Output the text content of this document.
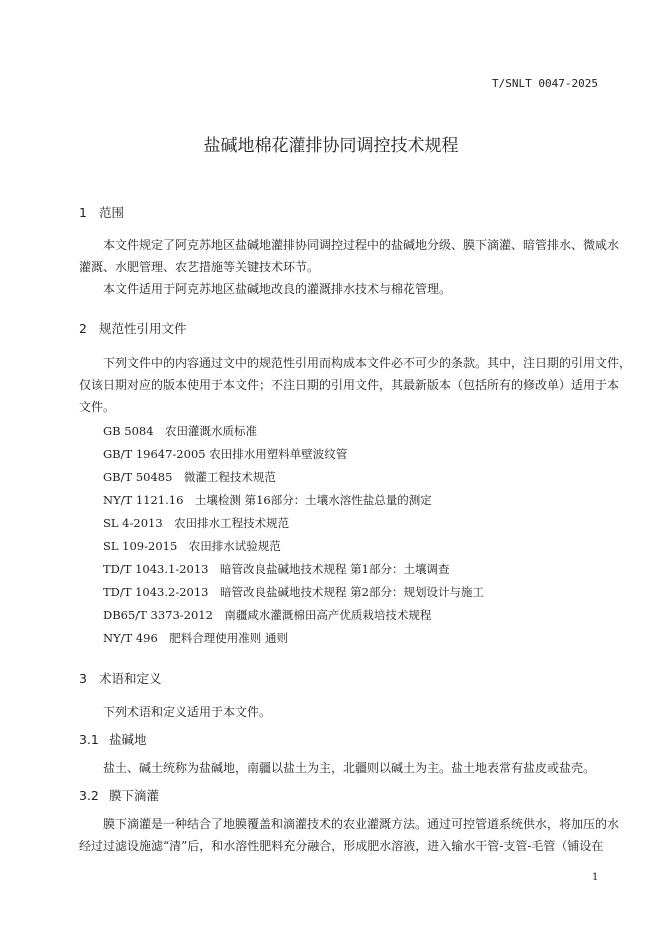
T/SNLT 0047-2025
盐碱地棉花灌排协同调控技术规程
1 范围
本文件规定了阿克苏地区盐碱地灌排协同调控过程中的盐碱地分级、膜下滴灌、暗管排水、微咸水
灌溉、水肥管理、农艺措施等关键技术环节。
本文件适用于阿克苏地区盐碱地改良的灌溉排水技术与棉花管理。
2 规范性引用文件
下列文件中的内容通过文中的规范性引用而构成本文件必不可少的条款。其中，注日期的引用文件，
仅该日期对应的版本使用于本文件；不注日期的引用文件，其最新版本（包括所有的修改单）适用于本
文件。
GB 5084　农田灌溉水质标准
GB/T 19647-2005 农田排水用塑料单壁波纹管
GB/T 50485　微灌工程技术规范
NY/T 1121.16　土壤检测 第16部分：土壤水溶性盐总量的测定
SL 4-2013　农田排水工程技术规范
SL 109-2015　农田排水试验规范
TD/T 1043.1-2013　暗管改良盐碱地技术规程 第1部分：土壤调查
TD/T 1043.2-2013　暗管改良盐碱地技术规程 第2部分：规划设计与施工
DB65/T 3373-2012　南疆咸水灌溉棉田高产优质栽培技术规程
NY/T 496　肥料合理使用准则 通则
3 术语和定义
下列术语和定义适用于本文件。
3.1 盐碱地
盐土、碱土统称为盐碱地，南疆以盐土为主，北疆则以碱土为主。盐土地表常有盐皮或盐壳。
3.2 膜下滴灌
膜下滴灌是一种结合了地膜覆盖和滴灌技术的农业灌溉方法。通过可控管道系统供水，将加压的水
经过过滤设施滤“清”后，和水溶性肥料充分融合，形成肥水溶液，进入输水干管-支管-毛管（铺设在
1
